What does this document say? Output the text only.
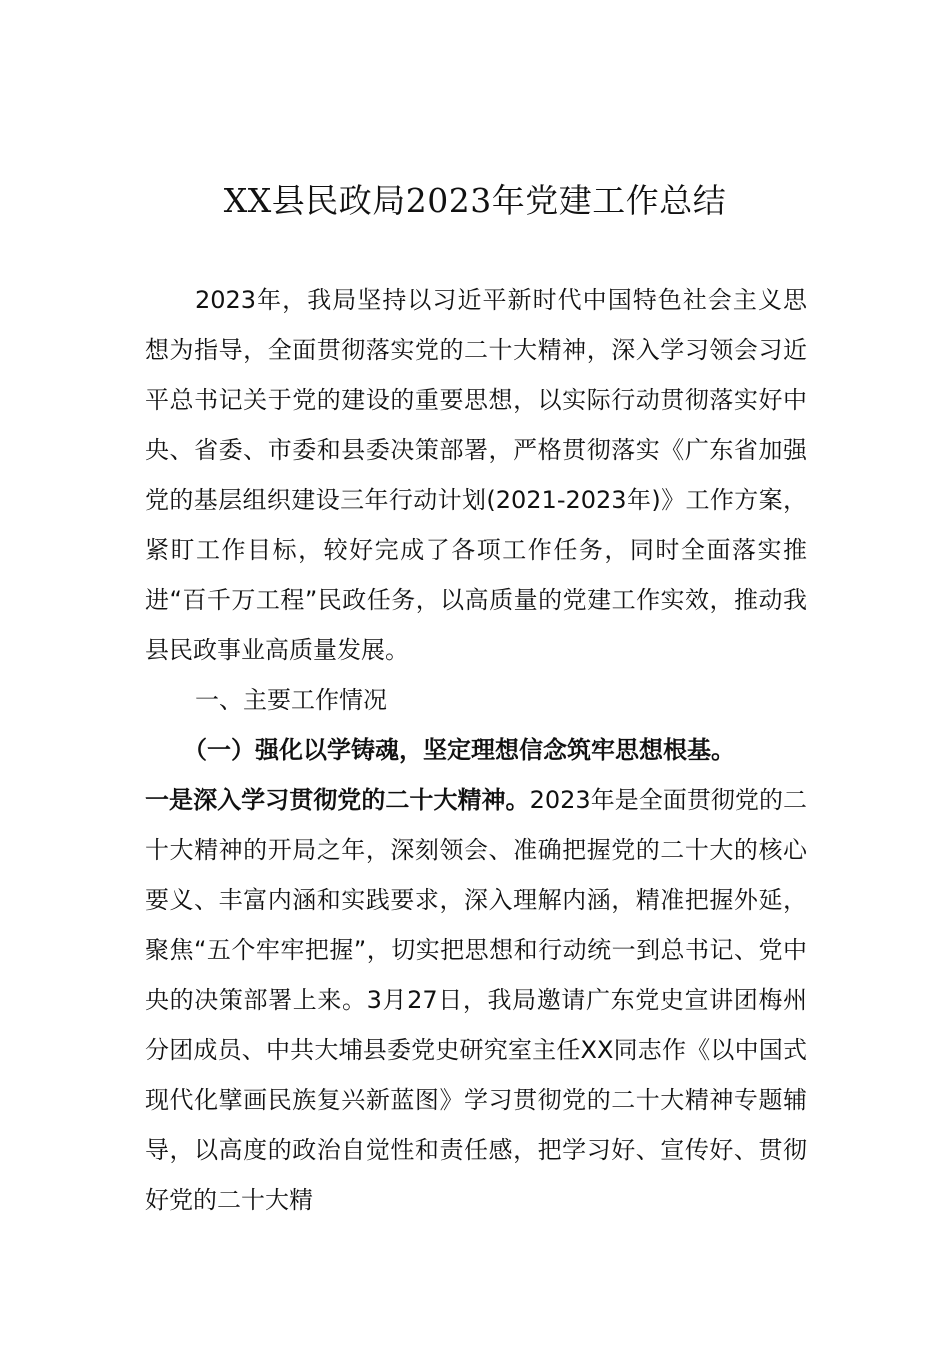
XX县民政局2023年党建工作总结

2023年，我局坚持以习近平新时代中国特色社会主义思想为指导，全面贯彻落实党的二十大精神，深入学习领会习近平总书记关于党的建设的重要思想，以实际行动贯彻落实好中央、省委、市委和县委决策部署，严格贯彻落实《广东省加强党的基层组织建设三年行动计划(2021-2023年)》工作方案，紧盯工作目标，较好完成了各项工作任务，同时全面落实推进“百千万工程”民政任务，以高质量的党建工作实效，推动我县民政事业高质量发展。

一、主要工作情况

（一）强化以学铸魂，坚定理想信念筑牢思想根基。

一是深入学习贯彻党的二十大精神。2023年是全面贯彻党的二十大精神的开局之年，深刻领会、准确把握党的二十大的核心要义、丰富内涵和实践要求，深入理解内涵，精准把握外延，聚焦“五个牢牢把握”，切实把思想和行动统一到总书记、党中央的决策部署上来。3月27日，我局邀请广东党史宣讲团梅州分团成员、中共大埔县委党史研究室主任XX同志作《以中国式现代化擘画民族复兴新蓝图》学习贯彻党的二十大精神专题辅导，以高度的政治自觉性和责任感，把学习好、宣传好、贯彻好党的二十大精
